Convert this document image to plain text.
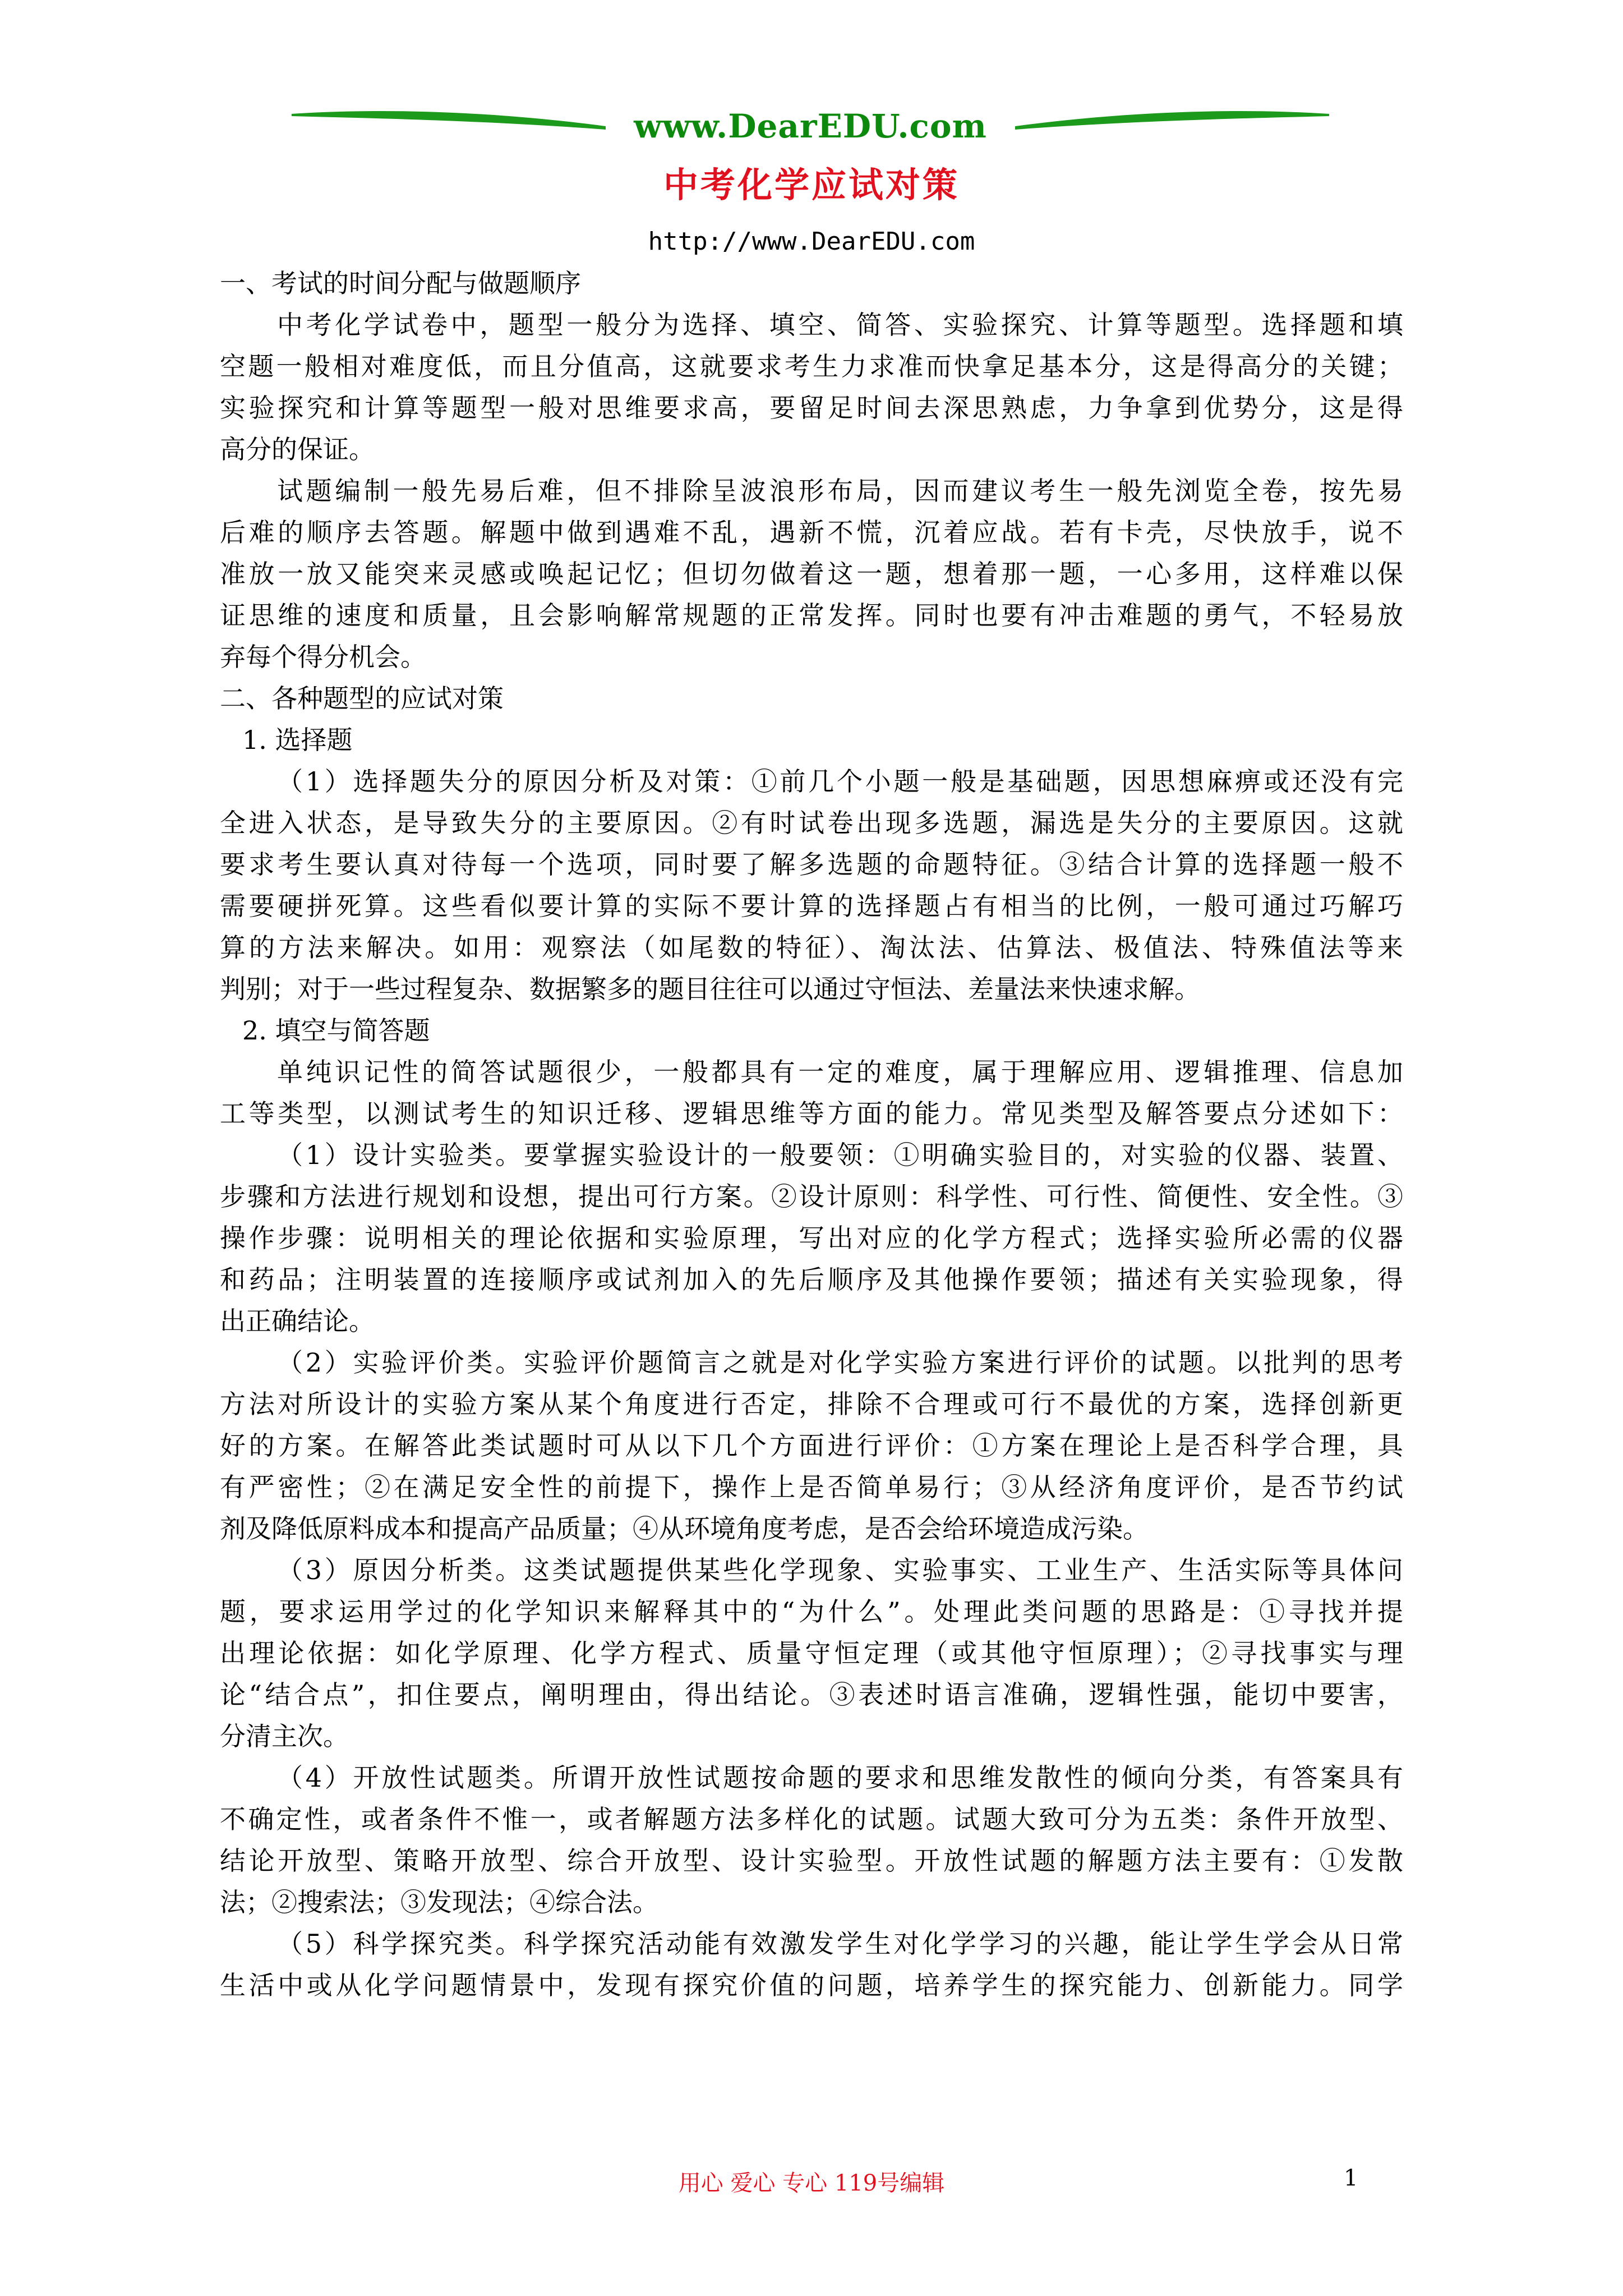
www.DearEDU.com
中考化学应试对策
http://www.DearEDU.com
一、考试的时间分配与做题顺序
中考化学试卷中，题型一般分为选择、填空、简答、实验探究、计算等题型。选择题和填
空题一般相对难度低，而且分值高，这就要求考生力求准而快拿足基本分，这是得高分的关键；
实验探究和计算等题型一般对思维要求高，要留足时间去深思熟虑，力争拿到优势分，这是得
高分的保证。
试题编制一般先易后难，但不排除呈波浪形布局，因而建议考生一般先浏览全卷，按先易
后难的顺序去答题。解题中做到遇难不乱，遇新不慌，沉着应战。若有卡壳，尽快放手，说不
准放一放又能突来灵感或唤起记忆；但切勿做着这一题，想着那一题，一心多用，这样难以保
证思维的速度和质量，且会影响解常规题的正常发挥。同时也要有冲击难题的勇气，不轻易放
弃每个得分机会。
二、各种题型的应试对策
1. 选择题
（1）选择题失分的原因分析及对策：①前几个小题一般是基础题，因思想麻痹或还没有完
全进入状态，是导致失分的主要原因。②有时试卷出现多选题，漏选是失分的主要原因。这就
要求考生要认真对待每一个选项，同时要了解多选题的命题特征。③结合计算的选择题一般不
需要硬拼死算。这些看似要计算的实际不要计算的选择题占有相当的比例，一般可通过巧解巧
算的方法来解决。如用：观察法（如尾数的特征）、淘汰法、估算法、极值法、特殊值法等来
判别；对于一些过程复杂、数据繁多的题目往往可以通过守恒法、差量法来快速求解。
2. 填空与简答题
单纯识记性的简答试题很少，一般都具有一定的难度，属于理解应用、逻辑推理、信息加
工等类型，以测试考生的知识迁移、逻辑思维等方面的能力。常见类型及解答要点分述如下：
（1）设计实验类。要掌握实验设计的一般要领：①明确实验目的，对实验的仪器、装置、
步骤和方法进行规划和设想，提出可行方案。②设计原则：科学性、可行性、简便性、安全性。③
操作步骤：说明相关的理论依据和实验原理，写出对应的化学方程式；选择实验所必需的仪器
和药品；注明装置的连接顺序或试剂加入的先后顺序及其他操作要领；描述有关实验现象，得
出正确结论。
（2）实验评价类。实验评价题简言之就是对化学实验方案进行评价的试题。以批判的思考
方法对所设计的实验方案从某个角度进行否定，排除不合理或可行不最优的方案，选择创新更
好的方案。在解答此类试题时可从以下几个方面进行评价：①方案在理论上是否科学合理，具
有严密性；②在满足安全性的前提下，操作上是否简单易行；③从经济角度评价，是否节约试
剂及降低原料成本和提高产品质量；④从环境角度考虑，是否会给环境造成污染。
（3）原因分析类。这类试题提供某些化学现象、实验事实、工业生产、生活实际等具体问
题，要求运用学过的化学知识来解释其中的“为什么”。处理此类问题的思路是：①寻找并提
出理论依据：如化学原理、化学方程式、质量守恒定理（或其他守恒原理）；②寻找事实与理
论“结合点”，扣住要点，阐明理由，得出结论。③表述时语言准确，逻辑性强，能切中要害，
分清主次。
（4）开放性试题类。所谓开放性试题按命题的要求和思维发散性的倾向分类，有答案具有
不确定性，或者条件不惟一，或者解题方法多样化的试题。试题大致可分为五类：条件开放型、
结论开放型、策略开放型、综合开放型、设计实验型。开放性试题的解题方法主要有：①发散
法；②搜索法；③发现法；④综合法。
（5）科学探究类。科学探究活动能有效激发学生对化学学习的兴趣，能让学生学会从日常
生活中或从化学问题情景中，发现有探究价值的问题，培养学生的探究能力、创新能力。同学
用心 爱心 专心 119号编辑	1
